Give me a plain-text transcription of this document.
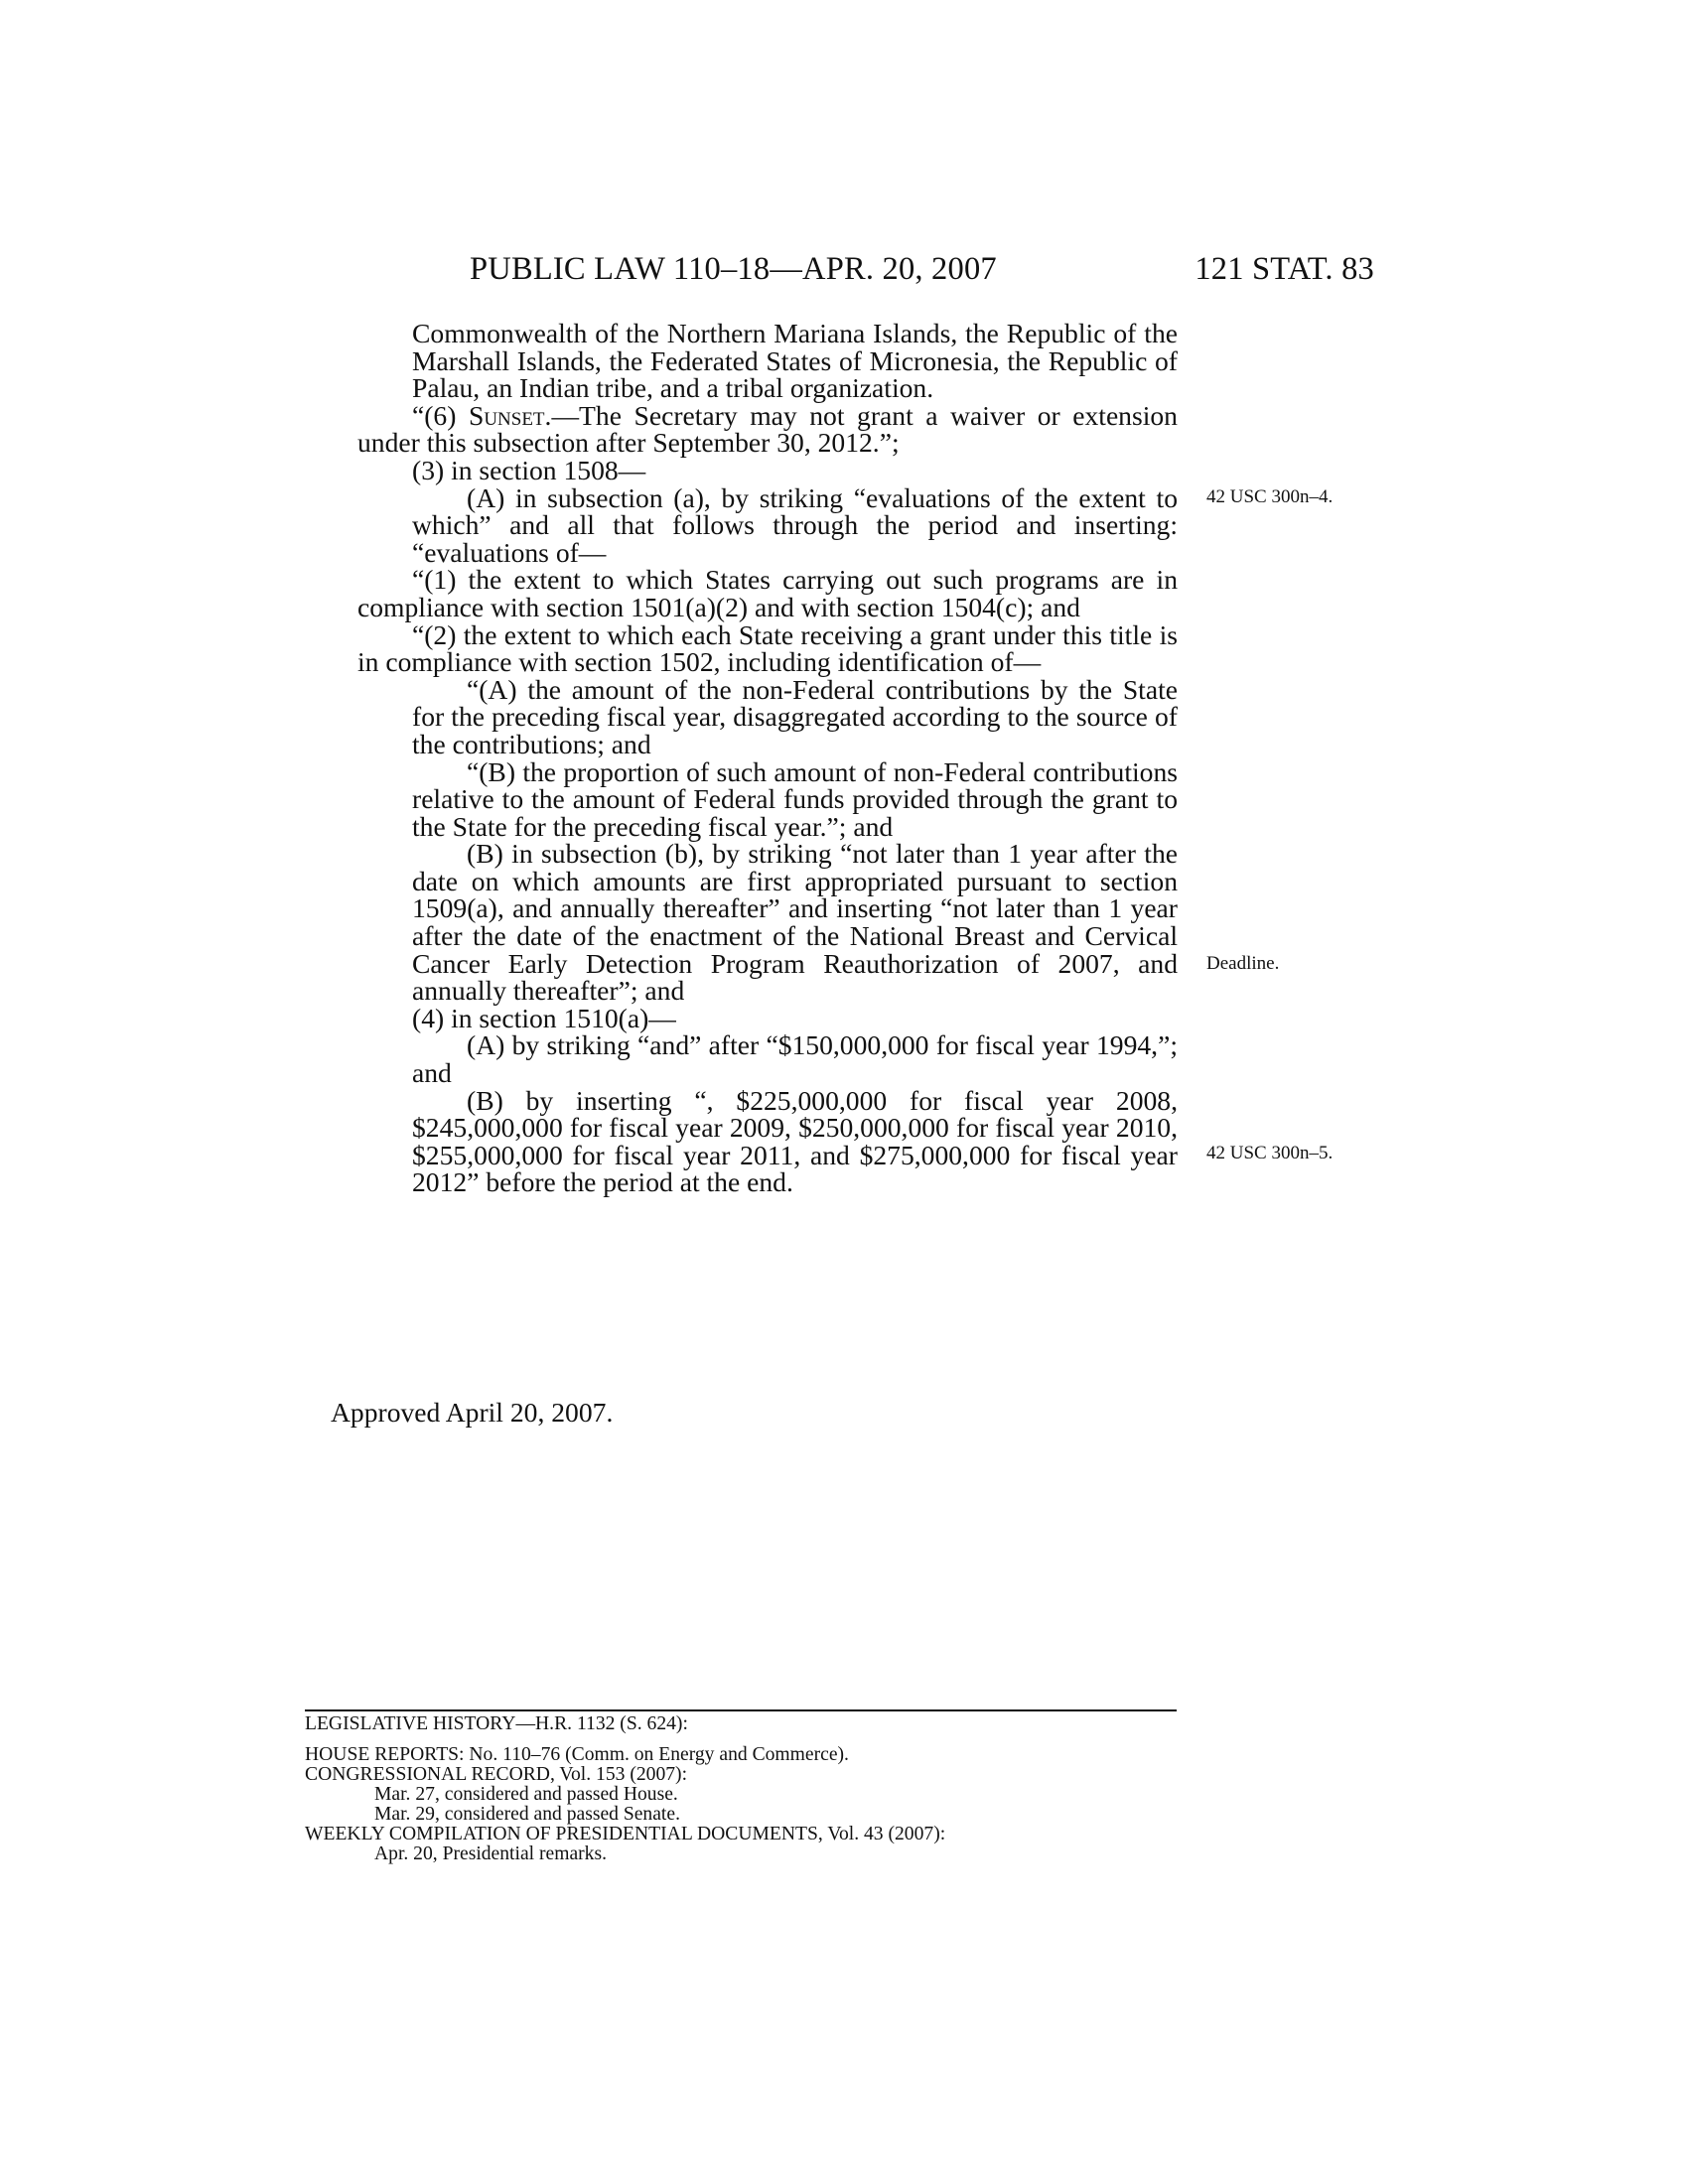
PUBLIC LAW 110–18—APR. 20, 2007	121 STAT. 83

Commonwealth of the Northern Mariana Islands, the Republic of the Marshall Islands, the Federated States of Micronesia, the Republic of Palau, an Indian tribe, and a tribal organization.

“(6) Sunset.—The Secretary may not grant a waiver or extension under this subsection after September 30, 2012.”;

(3) in section 1508—

(A) in subsection (a), by striking “evaluations of the extent to which” and all that follows through the period and inserting: “evaluations of—

“(1) the extent to which States carrying out such programs are in compliance with section 1501(a)(2) and with section 1504(c); and

“(2) the extent to which each State receiving a grant under this title is in compliance with section 1502, including identification of—

“(A) the amount of the non-Federal contributions by the State for the preceding fiscal year, disaggregated according to the source of the contributions; and

“(B) the proportion of such amount of non-Federal contributions relative to the amount of Federal funds provided through the grant to the State for the preceding fiscal year.”; and

(B) in subsection (b), by striking “not later than 1 year after the date on which amounts are first appropriated pursuant to section 1509(a), and annually thereafter” and inserting “not later than 1 year after the date of the enactment of the National Breast and Cervical Cancer Early Detection Program Reauthorization of 2007, and annually thereafter”; and

(4) in section 1510(a)—

(A) by striking “and” after “$150,000,000 for fiscal year 1994,”; and

(B) by inserting “, $225,000,000 for fiscal year 2008, $245,000,000 for fiscal year 2009, $250,000,000 for fiscal year 2010, $255,000,000 for fiscal year 2011, and $275,000,000 for fiscal year 2012” before the period at the end.

42 USC 300n–4.
Deadline.
42 USC 300n–5.
Approved April 20, 2007.
LEGISLATIVE HISTORY—H.R. 1132 (S. 624):
HOUSE REPORTS: No. 110–76 (Comm. on Energy and Commerce).
CONGRESSIONAL RECORD, Vol. 153 (2007):
Mar. 27, considered and passed House.
Mar. 29, considered and passed Senate.
WEEKLY COMPILATION OF PRESIDENTIAL DOCUMENTS, Vol. 43 (2007):
Apr. 20, Presidential remarks.
